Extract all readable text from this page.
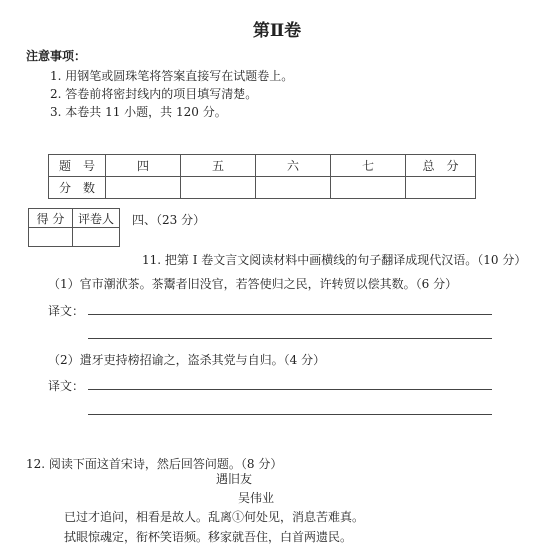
第Ⅱ卷
注意事项：
1. 用钢笔或圆珠笔将答案直接写在试题卷上。
2. 答卷前将密封线内的项目填写清楚。
3. 本卷共 11 小题，共 120 分。
题　号	四	五	六	七	总　分
分　数					
得 分	评卷人
	四、（23 分）
11. 把第 I 卷文言文阅读材料中画横线的句子翻译成现代汉语。（10 分）
（1）官市潮洑茶。茶鬻者旧没官，若答使归之民，许转贸以偿其数。（6 分）
译文：
（2）遣牙吏持榜招谕之，盗杀其党与自归。（4 分）
译文：
12. 阅读下面这首宋诗，然后回答问题。（8 分）
遇旧友
吴伟业
已过才追问，相看是故人。乱离①何处见，消息苦难真。
拭眼惊魂定，衔杯笑语频。移家就吾住，白首两遗民。
